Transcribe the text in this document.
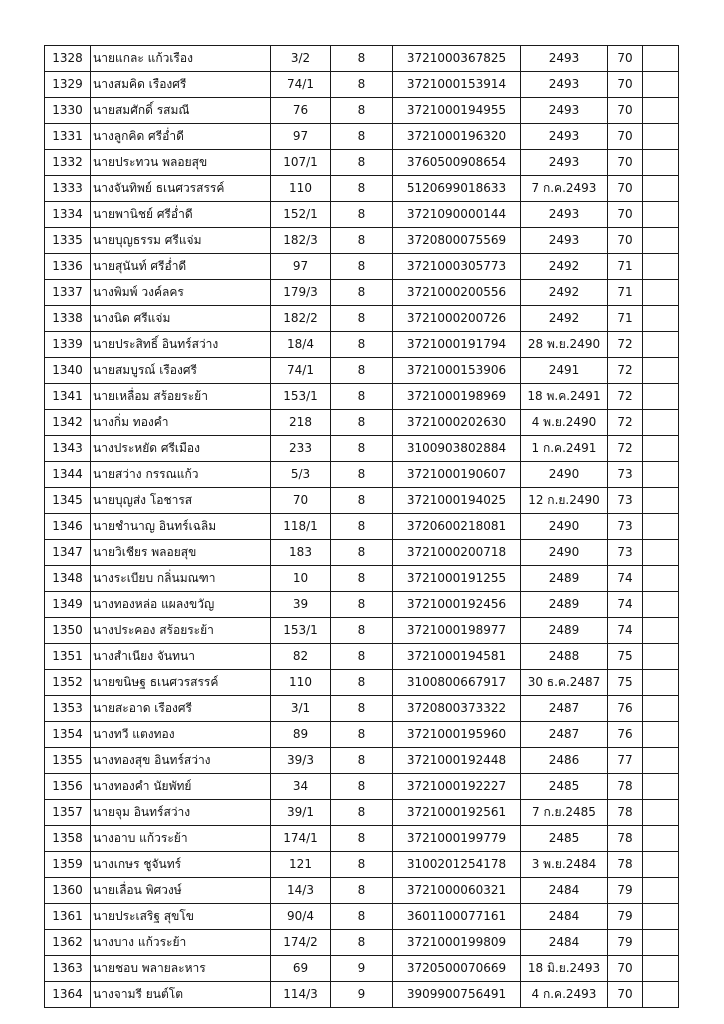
1328	นายแกละ แก้วเรือง	3/2	8	3721000367825	2493	70	
1329	นางสมคิด เรืองศรี	74/1	8	3721000153914	2493	70	
1330	นายสมศักดิ์ รสมณี	76	8	3721000194955	2493	70	
1331	นางลูกคิด ศรีอ่ำดี	97	8	3721000196320	2493	70	
1332	นายประทวน พลอยสุข	107/1	8	3760500908654	2493	70	
1333	นางจันทิพย์ ธเนศวรสรรค์	110	8	5120699018633	7 ก.ค.2493	70	
1334	นายพานิชย์ ศรีอ่ำดี	152/1	8	3721090000144	2493	70	
1335	นายบุญธรรม ศรีแจ่ม	182/3	8	3720800075569	2493	70	
1336	นายสุนันท์ ศรีอ่ำดี	97	8	3721000305773	2492	71	
1337	นางพิมพ์ วงค์ลคร	179/3	8	3721000200556	2492	71	
1338	นางนิด ศรีแจ่ม	182/2	8	3721000200726	2492	71	
1339	นายประสิทธิ์ อินทร์สว่าง	18/4	8	3721000191794	28 พ.ย.2490	72	
1340	นายสมบูรณ์ เรืองศรี	74/1	8	3721000153906	2491	72	
1341	นายเหลื่อม สร้อยระย้า	153/1	8	3721000198969	18 พ.ค.2491	72	
1342	นางกิ่ม ทองคำ	218	8	3721000202630	4 พ.ย.2490	72	
1343	นางประหยัด ศรีเมือง	233	8	3100903802884	1 ก.ค.2491	72	
1344	นายสว่าง กรรณแก้ว	5/3	8	3721000190607	2490	73	
1345	นายบุญส่ง โอชารส	70	8	3721000194025	12 ก.ย.2490	73	
1346	นายชำนาญ อินทร์เฉลิม	118/1	8	3720600218081	2490	73	
1347	นายวิเชียร พลอยสุข	183	8	3721000200718	2490	73	
1348	นางระเบียบ กลิ่นมณฑา	10	8	3721000191255	2489	74	
1349	นางทองหล่อ แผลงขวัญ	39	8	3721000192456	2489	74	
1350	นางประคอง สร้อยระย้า	153/1	8	3721000198977	2489	74	
1351	นางสำเนียง จันทนา	82	8	3721000194581	2488	75	
1352	นายขนิษฐ ธเนศวรสรรค์	110	8	3100800667917	30 ธ.ค.2487	75	
1353	นายสะอาด เรืองศรี	3/1	8	3720800373322	2487	76	
1354	นางทวี แตงทอง	89	8	3721000195960	2487	76	
1355	นางทองสุข อินทร์สว่าง	39/3	8	3721000192448	2486	77	
1356	นางทองคำ นัยพัทย์	34	8	3721000192227	2485	78	
1357	นายจุม อินทร์สว่าง	39/1	8	3721000192561	7 ก.ย.2485	78	
1358	นางอาบ แก้วระย้า	174/1	8	3721000199779	2485	78	
1359	นางเกษร ชูจันทร์	121	8	3100201254178	3 พ.ย.2484	78	
1360	นายเลื่อน พิศวงษ์	14/3	8	3721000060321	2484	79	
1361	นายประเสริฐ สุขโข	90/4	8	3601100077161	2484	79	
1362	นางบาง แก้วระย้า	174/2	8	3721000199809	2484	79	
1363	นายชอบ พลายละหาร	69	9	3720500070669	18 มิ.ย.2493	70	
1364	นางจามรี ยนต์โต	114/3	9	3909900756491	4 ก.ค.2493	70	
